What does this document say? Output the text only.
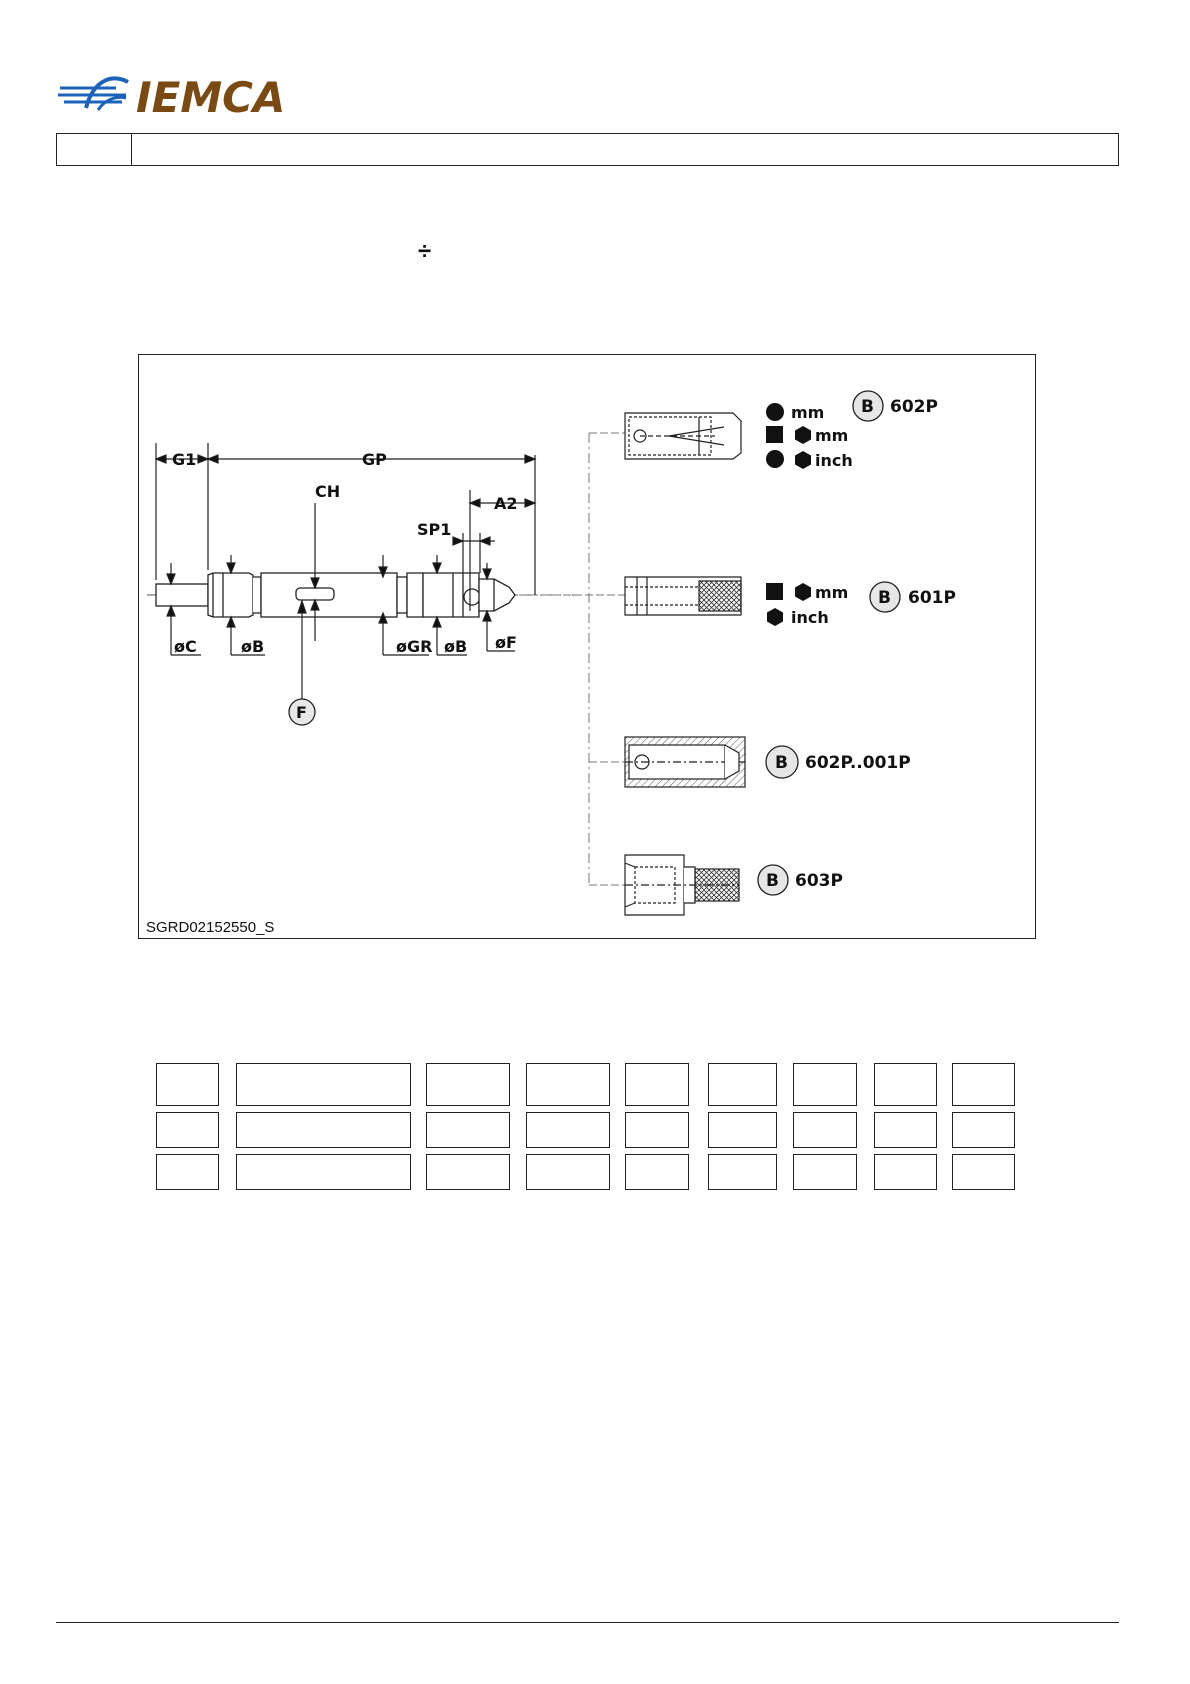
IEMCA
÷
G1	GP
CH
A2
SP1
øC	øB	øGR øB øF
F
mm
mm
inch
B 602P
mm
inch
B 601P
B 602P..001P
B 603P
SGRD02152550_S
